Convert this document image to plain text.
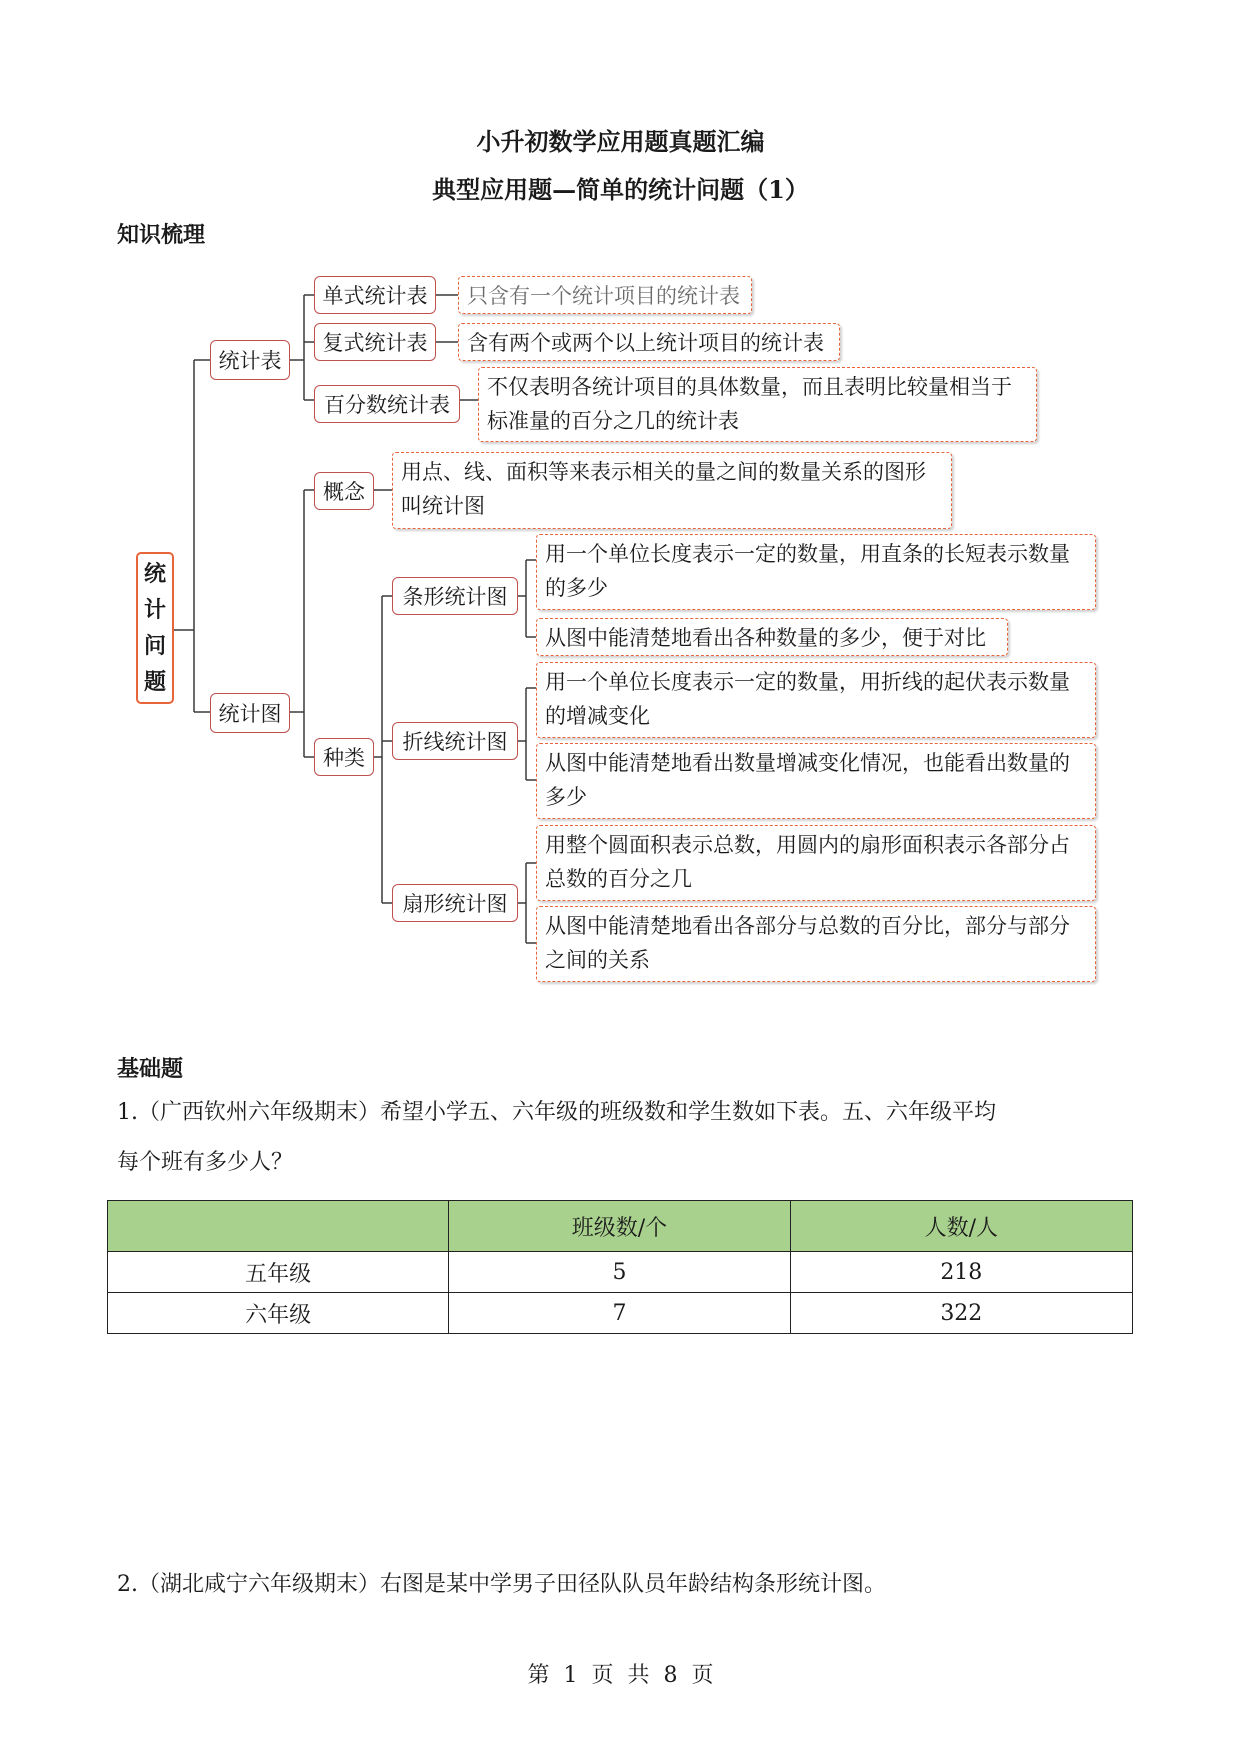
小升初数学应用题真题汇编
典型应用题—简单的统计问题（1）
知识梳理
统
计
问
题
统计表
单式统计表	只含有一个统计项目的统计表
复式统计表	含有两个或两个以上统计项目的统计表
百分数统计表
不仅表明各统计项目的具体数量，而且表明比较量相当于
标准量的百分之几的统计表
统计图
概念
用点、线、面积等来表示相关的量之间的数量关系的图形
叫统计图
种类
条形统计图
用一个单位长度表示一定的数量，用直条的长短表示数量
的多少
从图中能清楚地看出各种数量的多少，便于对比
折线统计图
用一个单位长度表示一定的数量，用折线的起伏表示数量
的增减变化
从图中能清楚地看出数量增减变化情况，也能看出数量的
多少
扇形统计图
用整个圆面积表示总数，用圆内的扇形面积表示各部分占
总数的百分之几
从图中能清楚地看出各部分与总数的百分比，部分与部分
之间的关系
基础题
1.（广西钦州六年级期末）希望小学五、六年级的班级数和学生数如下表。五、六年级平均
每个班有多少人？
	班级数/个	人数/人
五年级	5	218
六年级	7	322
2.（湖北咸宁六年级期末）右图是某中学男子田径队队员年龄结构条形统计图。
第  1  页  共  8  页
